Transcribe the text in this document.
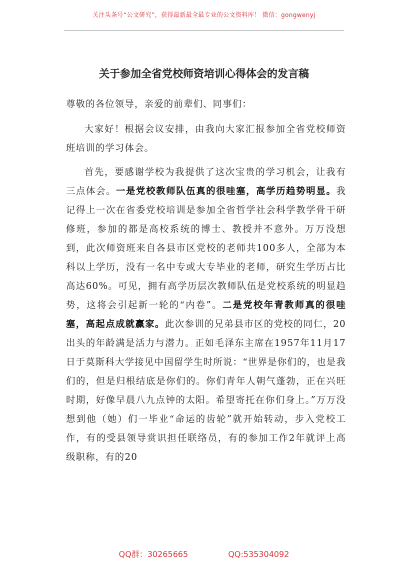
关注头条号“公文研究”，获得最新最全最专业的公文资料库！ 微信：gongwenyj
关于参加全省党校师资培训心得体会的发言稿

尊敬的各位领导，亲爱的前辈们、同事们：

大家好！根据会议安排，由我向大家汇报参加全省党校师资班培训的学习体会。

首先，要感谢学校为我提供了这次宝贵的学习机会，让我有三点体会。一是党校教师队伍真的很哇塞，高学历趋势明显。我记得上一次在省委党校培训是参加全省哲学社会科学教学骨干研修班，参加的都是高校系统的博士、教授并不意外。万万没想到，此次师资班来自各县市区党校的老师共100多人，全部为本科以上学历，没有一名中专或大专毕业的老师，研究生学历占比高达60%。可见，拥有高学历层次教师队伍是党校系统的明显趋势，这将会引起新一轮的“内卷”。二是党校年青教师真的很哇塞，高起点成就赢家。此次参训的兄弟县市区的党校的同仁，20出头的年龄满是活力与潜力。正如毛泽东主席在1957年11月17日于莫斯科大学接见中国留学生时所说：“世界是你们的，也是我们的，但是归根结底是你们的。你们青年人朝气蓬勃，正在兴旺时期，好像早晨八九点钟的太阳。希望寄托在你们身上。”万万没想到他（她）们一毕业“命运的齿轮”就开始转动，步入党校工作，有的受县领导赏识担任联络员，有的参加工作2年就评上高级职称，有的20

QQ群：30265665	QQ:535304092
